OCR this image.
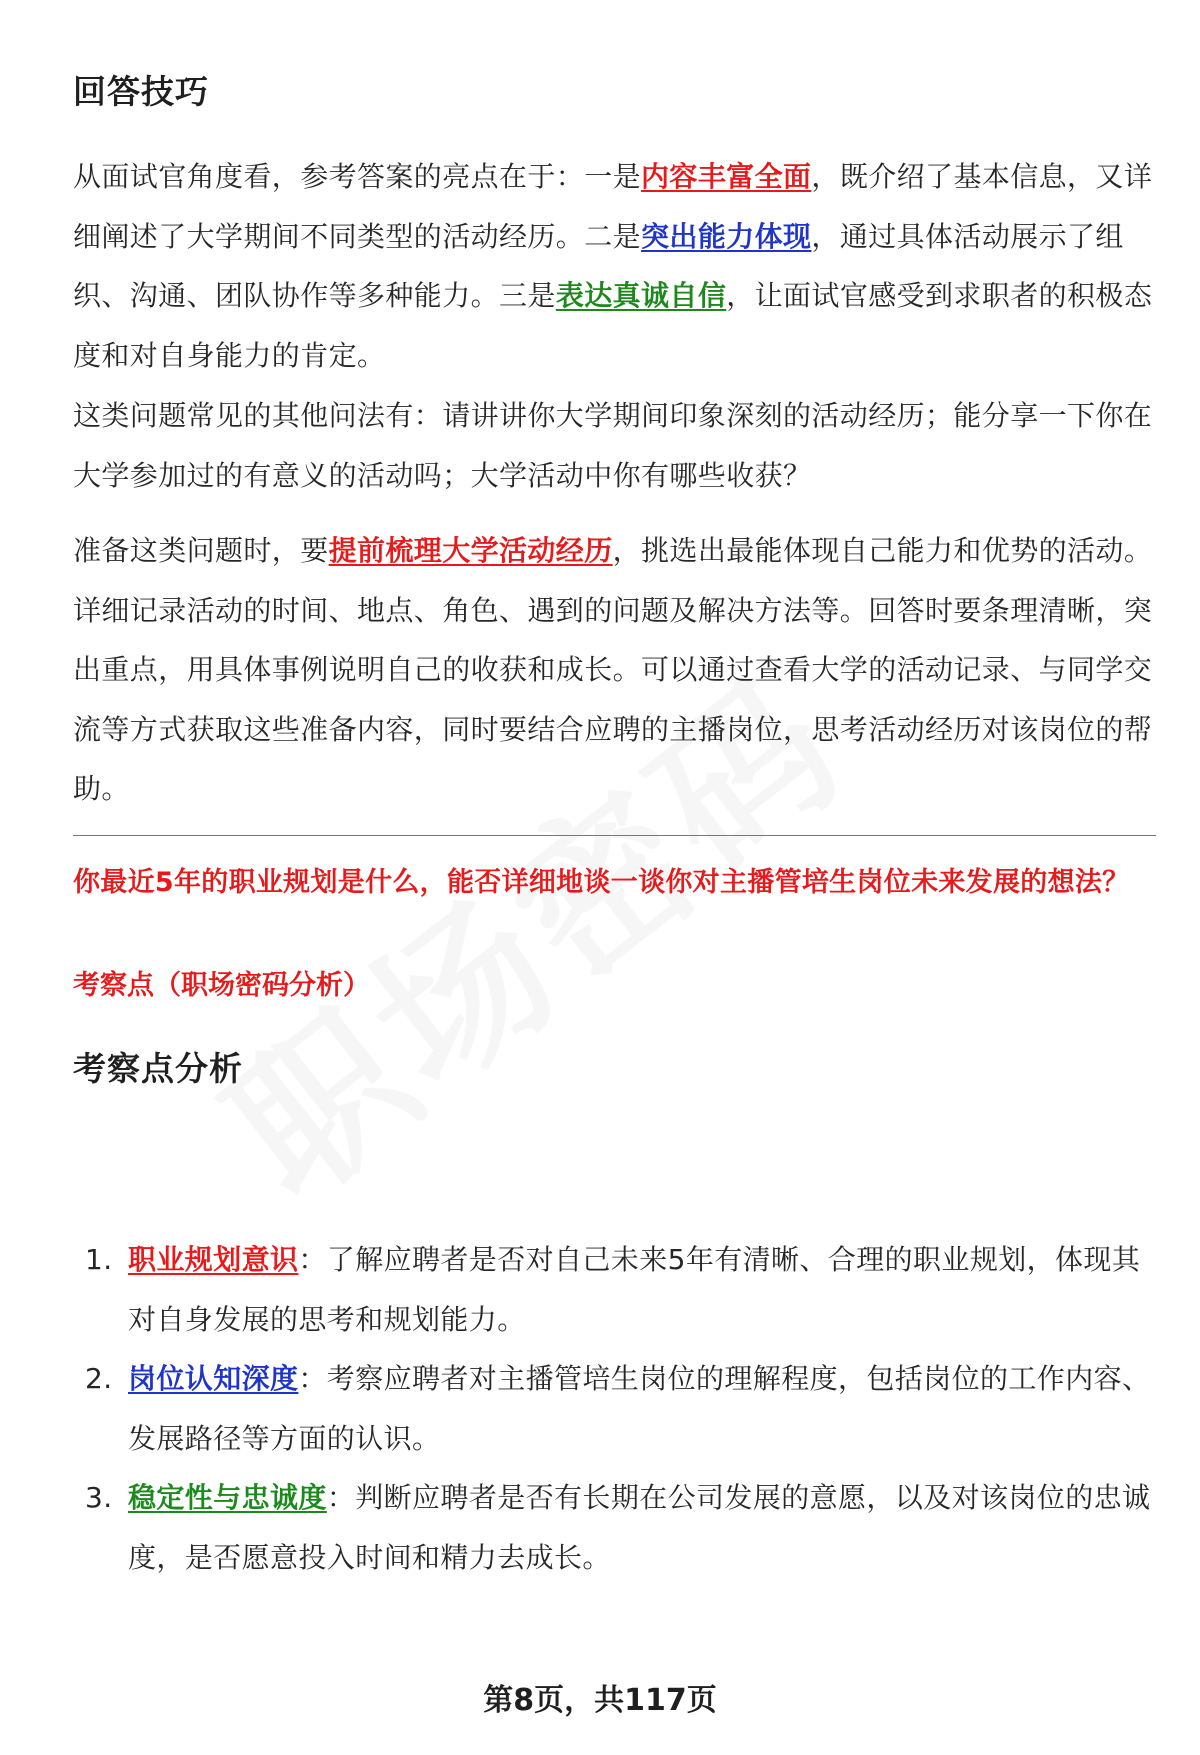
回答技巧

从面试官角度看，参考答案的亮点在于：一是内容丰富全面，既介绍了基本信息，又详细阐述了大学期间不同类型的活动经历。二是突出能力体现，通过具体活动展示了组织、沟通、团队协作等多种能力。三是表达真诚自信，让面试官感受到求职者的积极态度和对自身能力的肯定。

这类问题常见的其他问法有：请讲讲你大学期间印象深刻的活动经历；能分享一下你在大学参加过的有意义的活动吗；大学活动中你有哪些收获？

准备这类问题时，要提前梳理大学活动经历，挑选出最能体现自己能力和优势的活动。详细记录活动的时间、地点、角色、遇到的问题及解决方法等。回答时要条理清晰，突出重点，用具体事例说明自己的收获和成长。可以通过查看大学的活动记录、与同学交流等方式获取这些准备内容，同时要结合应聘的主播岗位，思考活动经历对该岗位的帮助。

你最近5年的职业规划是什么，能否详细地谈一谈你对主播管培生岗位未来发展的想法？

考察点（职场密码分析）

考察点分析
1. 职业规划意识：了解应聘者是否对自己未来5年有清晰、合理的职业规划，体现其对自身发展的思考和规划能力。
2. 岗位认知深度：考察应聘者对主播管培生岗位的理解程度，包括岗位的工作内容、发展路径等方面的认识。
3. 稳定性与忠诚度：判断应聘者是否有长期在公司发展的意愿，以及对该岗位的忠诚度，是否愿意投入时间和精力去成长。
第8页，共117页
